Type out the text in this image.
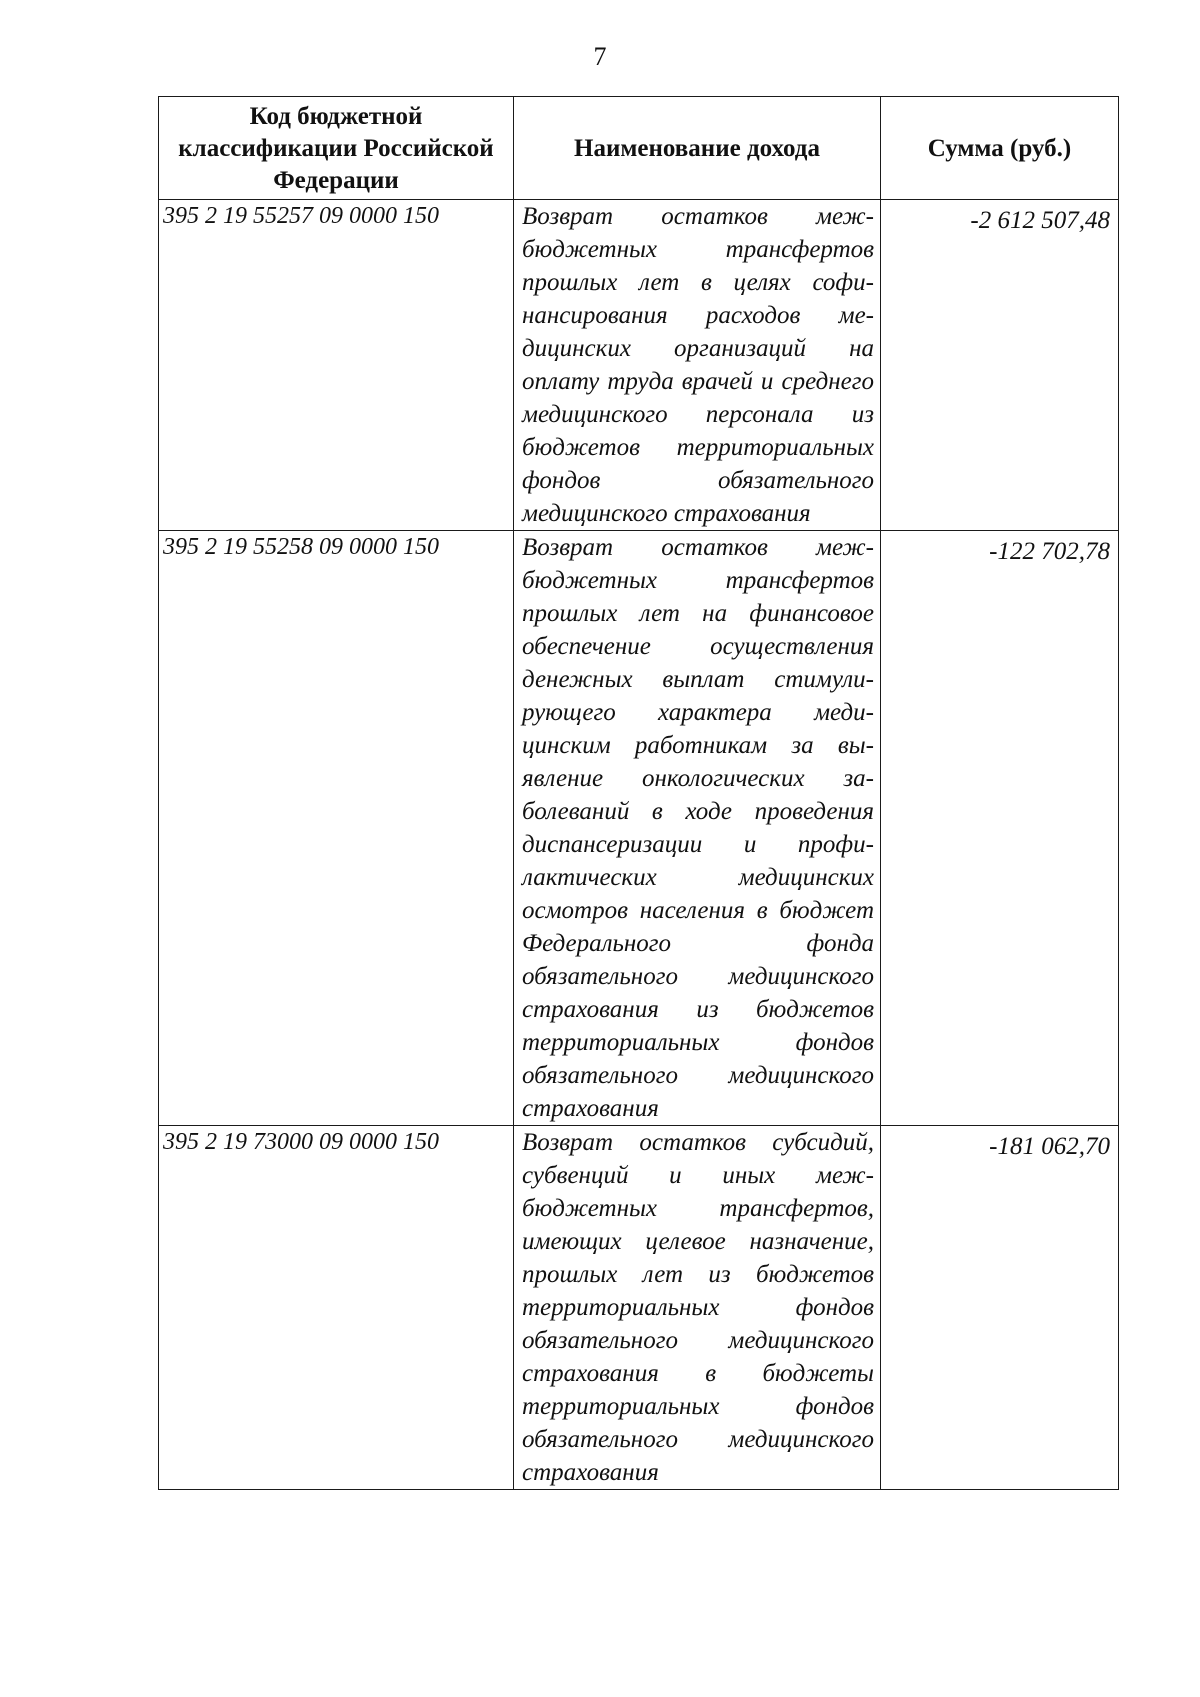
7
Код бюджетной классификации Российской Федерации	Наименование дохода	Сумма (руб.)
395 2 19 55257 09 0000 150	Возврат остатков межбюджетных трансфертов прошлых лет в целях софинансирования расходов медицинских организаций на оплату труда врачей и среднего медицинского персонала из бюджетов территориальных фондов обязательного медицинского страхования	-2 612 507,48
395 2 19 55258 09 0000 150	Возврат остатков межбюджетных трансфертов прошлых лет на финансовое обеспечение осуществления денежных выплат стимулирующего характера медицинским работникам за выявление онкологических заболеваний в ходе проведения диспансеризации и профилактических медицинских осмотров населения в бюджет Федерального фонда обязательного медицинского страхования из бюджетов территориальных фондов обязательного медицинского страхования	-122 702,78
395 2 19 73000 09 0000 150	Возврат остатков субсидий, субвенций и иных межбюджетных трансфертов, имеющих целевое назначение, прошлых лет из бюджетов территориальных фондов обязательного медицинского страхования в бюджеты территориальных фондов обязательного медицинского страхования	-181 062,70
